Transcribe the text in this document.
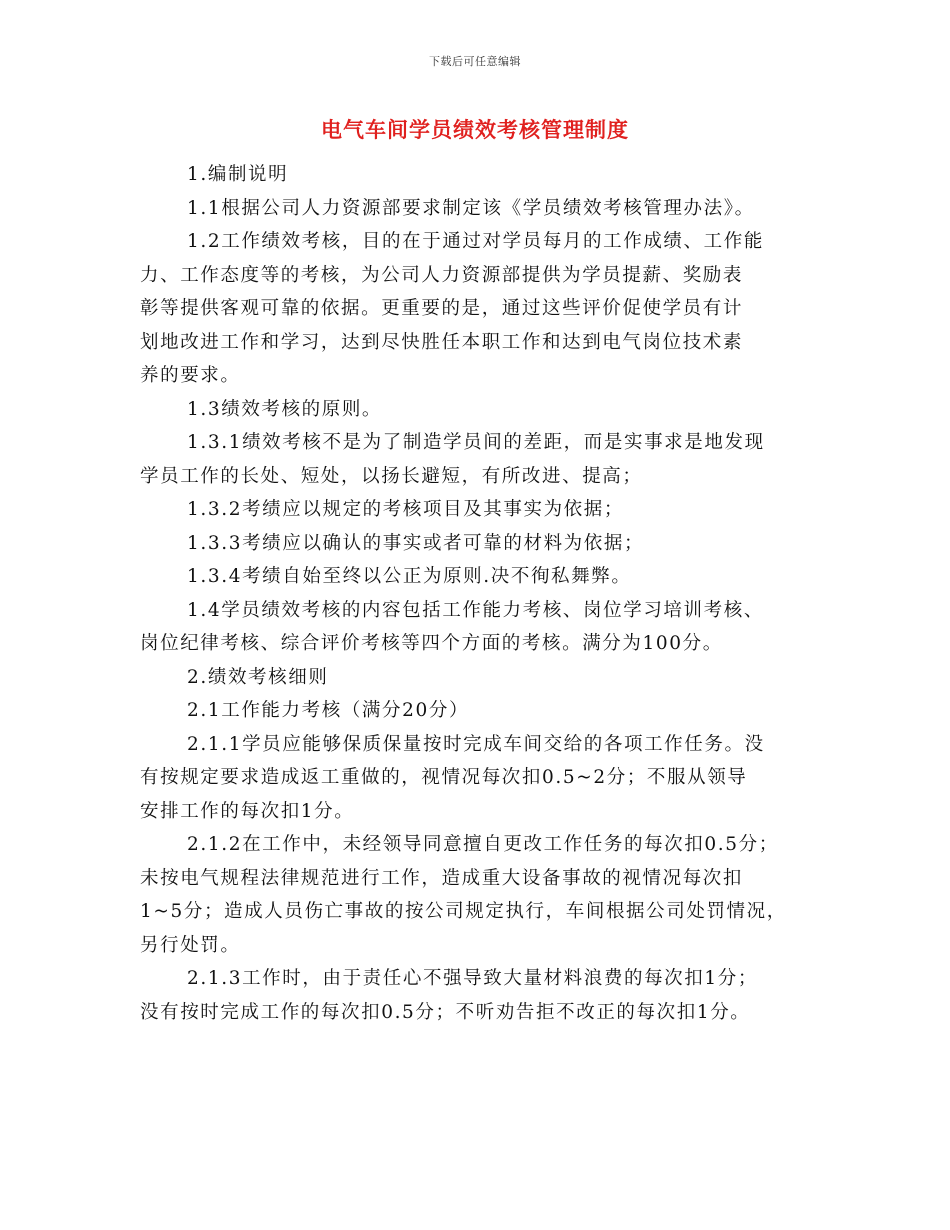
下载后可任意编辑
电气车间学员绩效考核管理制度

1.编制说明

1.1根据公司人力资源部要求制定该《学员绩效考核管理办法》。

1.2工作绩效考核，目的在于通过对学员每月的工作成绩、工作能
力、工作态度等的考核，为公司人力资源部提供为学员提薪、奖励表
彰等提供客观可靠的依据。更重要的是，通过这些评价促使学员有计
划地改进工作和学习，达到尽快胜任本职工作和达到电气岗位技术素
养的要求。

1.3绩效考核的原则。

1.3.1绩效考核不是为了制造学员间的差距，而是实事求是地发现
学员工作的长处、短处，以扬长避短，有所改进、提高；

1.3.2考绩应以规定的考核项目及其事实为依据；

1.3.3考绩应以确认的事实或者可靠的材料为依据；

1.3.4考绩自始至终以公正为原则.决不徇私舞弊。

1.4学员绩效考核的内容包括工作能力考核、岗位学习培训考核、
岗位纪律考核、综合评价考核等四个方面的考核。满分为100分。

2.绩效考核细则

2.1工作能力考核（满分20分）

2.1.1学员应能够保质保量按时完成车间交给的各项工作任务。没
有按规定要求造成返工重做的，视情况每次扣0.5~2分；不服从领导
安排工作的每次扣1分。

2.1.2在工作中，未经领导同意擅自更改工作任务的每次扣0.5分；
未按电气规程法律规范进行工作，造成重大设备事故的视情况每次扣
1~5分；造成人员伤亡事故的按公司规定执行，车间根据公司处罚情况，
另行处罚。

2.1.3工作时，由于责任心不强导致大量材料浪费的每次扣1分；
没有按时完成工作的每次扣0.5分；不听劝告拒不改正的每次扣1分。
